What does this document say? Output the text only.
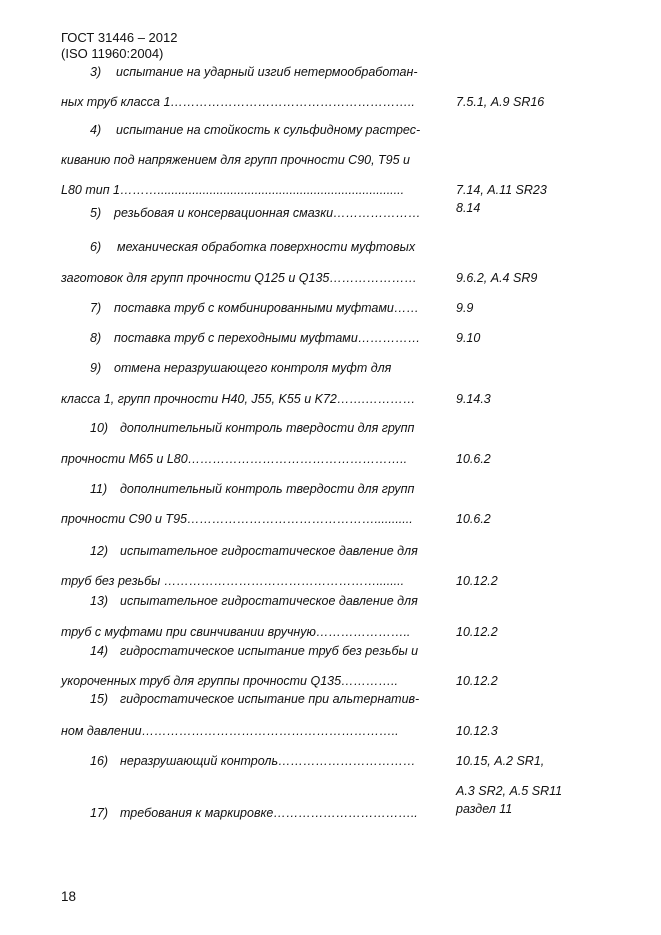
ГОСТ 31446 – 2012
(ISO 11960:2004)
3) испытание на ударный изгиб нетермообработан-
ных труб класса 1…………………………………………………..	7.5.1, А.9 SR16
4) испытание на стойкость к сульфидному растрес-
киванию под напряжением для групп прочности С90, Т95 и
L80 тип 1……….......................................................................	7.14, А.11 SR23
5) резьбовая и консервационная смазки…………………	8.14
6) механическая обработка поверхности муфтовых
заготовок для групп прочности Q125 и Q135…………………	9.6.2, А.4 SR9
7) поставка труб с комбинированными муфтами……	9.9
8) поставка труб с переходными муфтами……………	9.10
9) отмена неразрушающего контроля муфт для
класса 1, групп прочности H40, J55, K55 и K72…….…………	9.14.3
10) дополнительный контроль твердости для групп
прочности М65 и L80……………………………………………..	10.6.2
11) дополнительный контроль твердости для групп
прочности С90 и Т95………………………………………...........	10.6.2
12) испытательное гидростатическое давление для
труб без резьбы ……………………………………………........	10.12.2
13) испытательное гидростатическое давление для
труб с муфтами при свинчивании вручную…………………..	10.12.2
14) гидростатическое испытание труб без резьбы и
укороченных труб для группы прочности Q135…………..	10.12.2
15) гидростатическое испытание при альтернатив-
ном давлении……………………………………………………..	10.12.3
16) неразрушающий контроль……………………………	10.15, А.2 SR1,
А.3 SR2, А.5 SR11
17) требования к маркировке……………………………..	раздел 11
18
